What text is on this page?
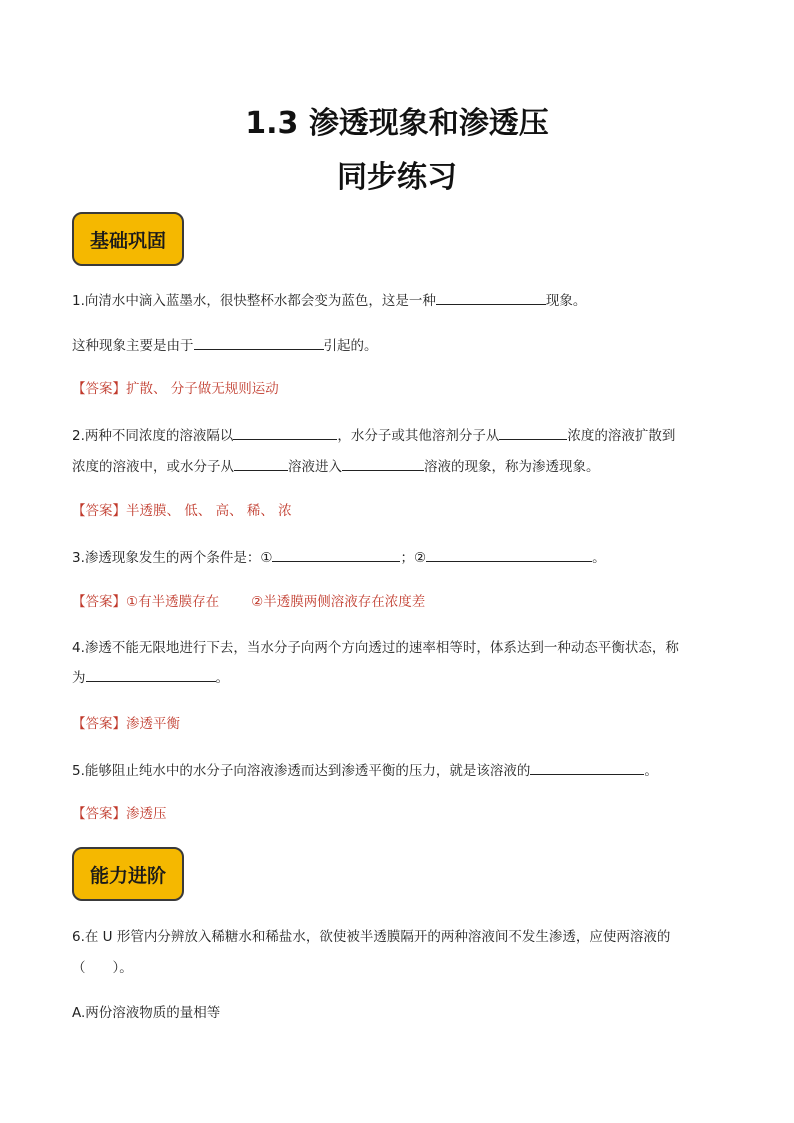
1.3 渗透现象和渗透压
同步练习
基础巩固
1.向清水中滴入蓝墨水，很快整杯水都会变为蓝色，这是一种	现象。
这种现象主要是由于	引起的。
【答案】扩散、 分子做无规则运动
2.两种不同浓度的溶液隔以	，水分子或其他溶剂分子从	浓度的溶液扩散到
浓度的溶液中，或水分子从	溶液进入	溶液的现象，称为渗透现象。
【答案】半透膜、 低、 高、 稀、 浓
3.渗透现象发生的两个条件是：①	；②	。
【答案】①有半透膜存在 ②半透膜两侧溶液存在浓度差
4.渗透不能无限地进行下去，当水分子向两个方向透过的速率相等时，体系达到一种动态平衡状态，称
为	。
【答案】渗透平衡
5.能够阻止纯水中的水分子向溶液渗透而达到渗透平衡的压力，就是该溶液的	。
【答案】渗透压
能力进阶
6.在 U 形管内分辨放入稀糖水和稀盐水，欲使被半透膜隔开的两种溶液间不发生渗透，应使两溶液的
（　　）。
A.两份溶液物质的量相等
